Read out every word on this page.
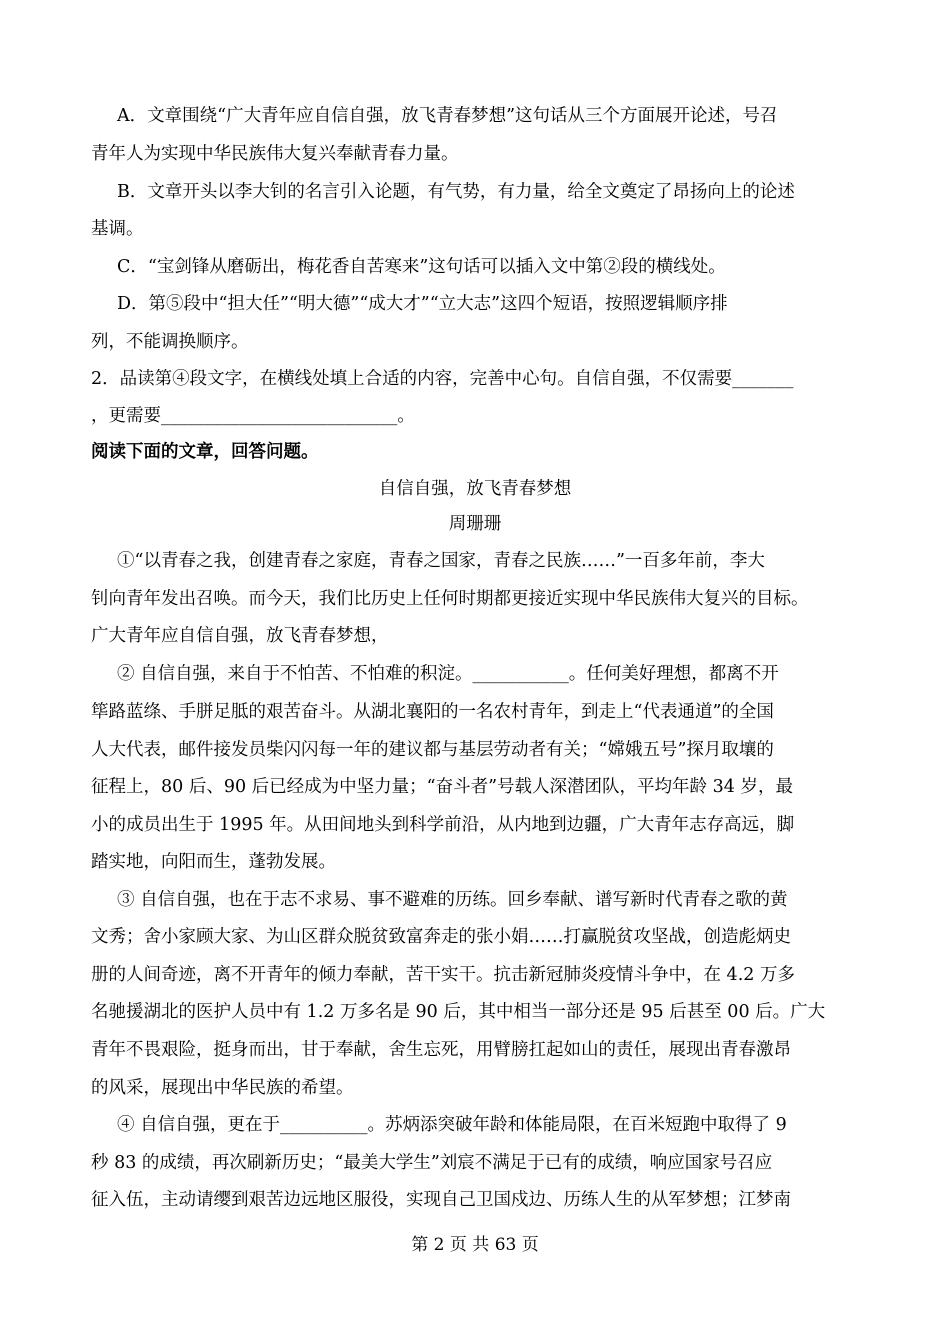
A．文章围绕“广大青年应自信自强，放飞青春梦想”这句话从三个方面展开论述，号召
青年人为实现中华民族伟大复兴奉献青春力量。
B．文章开头以李大钊的名言引入论题，有气势，有力量，给全文奠定了昂扬向上的论述
基调。
C．“宝剑锋从磨砺出，梅花香自苦寒来”这句话可以插入文中第②段的横线处。
D．第⑤段中“担大任”“明大德”“成大才”“立大志”这四个短语，按照逻辑顺序排
列，不能调换顺序。
2．品读第④段文字，在横线处填上合适的内容，完善中心句。自信自强，不仅需要_______
，更需要___________________________。
阅读下面的文章，回答问题。
自信自强，放飞青春梦想
周珊珊
①“以青春之我，创建青春之家庭，青春之国家，青春之民族……”一百多年前，李大
钊向青年发出召唤。而今天，我们比历史上任何时期都更接近实现中华民族伟大复兴的目标。
广大青年应自信自强，放飞青春梦想，
② 自信自强，来自于不怕苦、不怕难的积淀。___________。任何美好理想，都离不开
筚路蓝绦、手胼足胝的艰苦奋斗。从湖北襄阳的一名农村青年，到走上“代表通道”的全国
人大代表，邮件接发员柴闪闪每一年的建议都与基层劳动者有关；“嫦娥五号”探月取壤的
征程上，80 后、90 后已经成为中坚力量；“奋斗者”号载人深潜团队，平均年龄 34 岁，最
小的成员出生于 1995 年。从田间地头到科学前沿，从内地到边疆，广大青年志存高远，脚
踏实地，向阳而生，蓬勃发展。
③ 自信自强，也在于志不求易、事不避难的历练。回乡奉献、谱写新时代青春之歌的黄
文秀；舍小家顾大家、为山区群众脱贫致富奔走的张小娟……打赢脱贫攻坚战，创造彪炳史
册的人间奇迹，离不开青年的倾力奉献，苦干实干。抗击新冠肺炎疫情斗争中，在 4.2 万多
名驰援湖北的医护人员中有 1.2 万多名是 90 后，其中相当一部分还是 95 后甚至 00 后。广大
青年不畏艰险，挺身而出，甘于奉献，舍生忘死，用臂膀扛起如山的责任，展现出青春激昂
的风采，展现出中华民族的希望。
④ 自信自强，更在于__________。苏炳添突破年龄和体能局限，在百米短跑中取得了 9
秒 83 的成绩，再次刷新历史；“最美大学生”刘宸不满足于已有的成绩，响应国家号召应
征入伍，主动请缨到艰苦边远地区服役，实现自己卫国戍边、历练人生的从军梦想；江梦南
第 2 页 共 63 页
